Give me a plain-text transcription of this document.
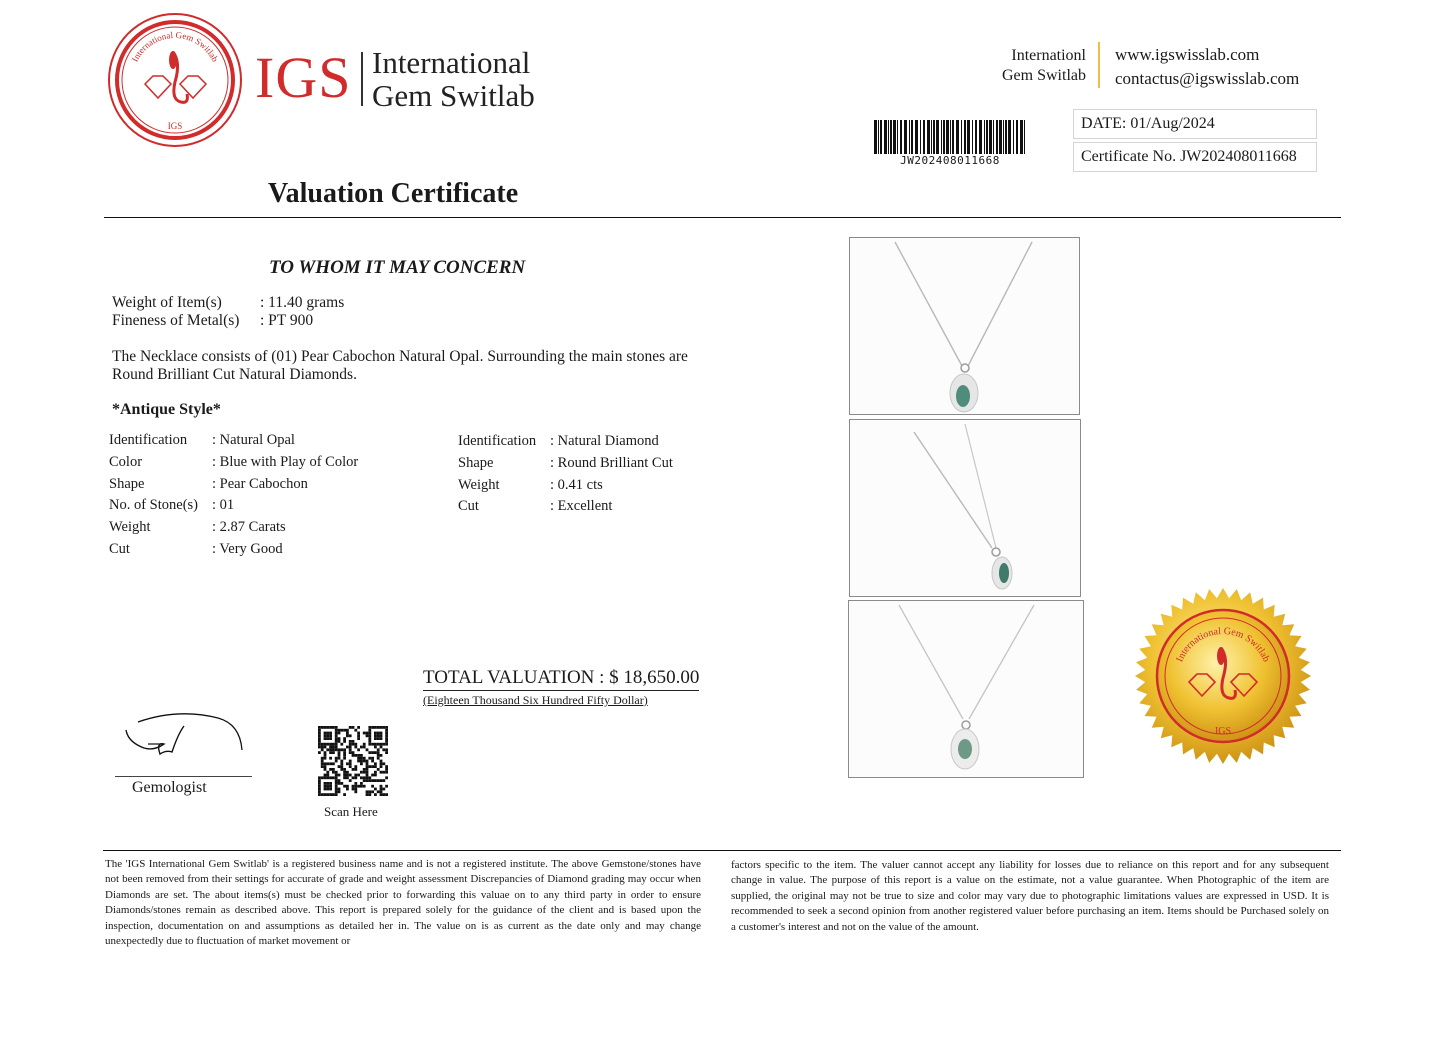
International Gem Switlab
IGS
IGS International
Gem Switlab
Internationl
Gem Switlab
www.igswisslab.com
contactus@igswisslab.com
JW202408011668
DATE: 01/Aug/2024
Certificate No. JW202408011668
Valuation Certificate
TO WHOM IT MAY CONCERN
Weight of Item(s) : 11.40 grams
Fineness of Metal(s) : PT 900
The Necklace consists of (01) Pear Cabochon Natural Opal. Surrounding the main stones are Round Brilliant Cut Natural Diamonds.
*Antique Style*
Identification : Natural Opal
Color	: Blue with Play of Color
Shape	: Pear Cabochon
No. of Stone(s) : 01
Weight	: 2.87 Carats
Cut	: Very Good
Identification : Natural Diamond
Shape	: Round Brilliant Cut
Weight	: 0.41 cts
Cut	: Excellent
TOTAL VALUATION : $ 18,650.00
(Eighteen Thousand Six Hundred Fifty Dollar)
Gemologist
Scan Here
International Gem Switlab
IGS
The 'IGS International Gem Switlab' is a registered business name and is not a registered institute. The above Gemstone/stones have not been removed from their settings for accurate of grade and weight assessment Discrepancies of Diamond grading may occur when Diamonds are set. The about items(s) must be checked prior to forwarding this valuae on to any third party in order to ensure Diamonds/stones remain as described above. This report is prepared solely for the guidance of the client and is based upon the inspection, documentation on and assumptions as detailed her in. The value on is as current as the date only and may change unexpectedly due to fluctuation of market movement or
factors specific to the item. The valuer cannot accept any liability for losses due to reliance on this report and for any subsequent change in value. The purpose of this report is a value on the estimate, not a value guarantee. When Photographic of the item are supplied, the original may not be true to size and color may vary due to photographic limitations values are expressed in USD. It is recommended to seek a second opinion from another registered valuer before purchasing an item. Items should be Purchased solely on a customer's interest and not on the value of the amount.
